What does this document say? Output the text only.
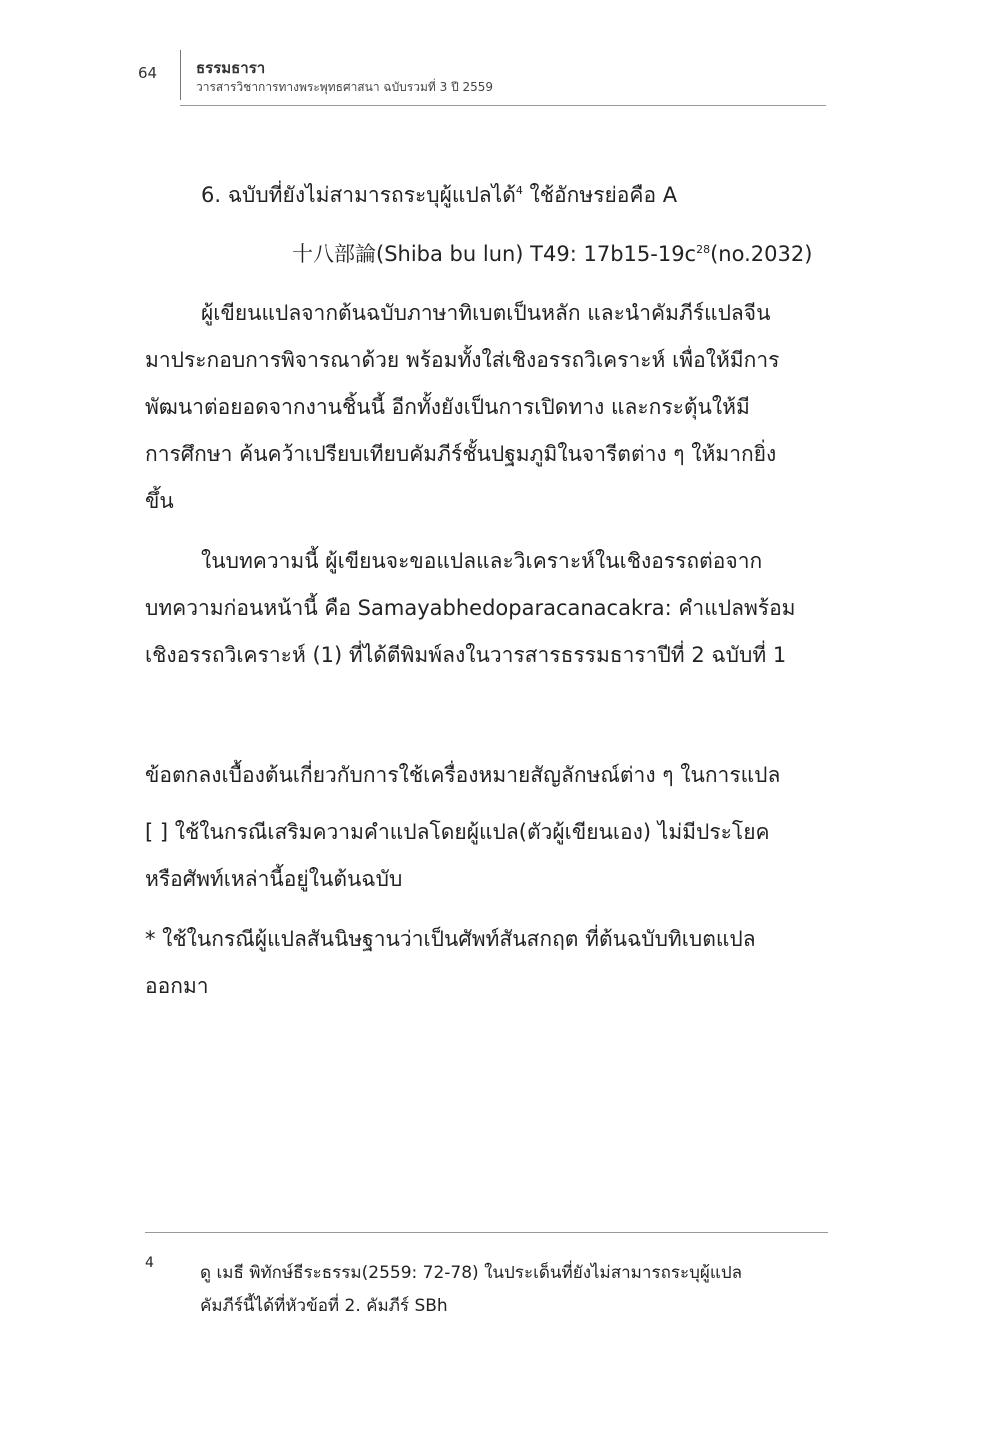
64	ธรรมธารา
วารสารวิชาการทางพระพุทธศาสนา ฉบับรวมที่ 3 ปี 2559
6. ฉบับที่ยังไม่สามารถระบุผู้แปลได้$^4$ ใช้อักษรย่อคือ A
十八部論(Shiba bu lun) T49: $17b15-19c^{28}(no.2032)$
ผู้เขียนแปลจากต้นฉบับภาษาทิเบตเป็นหลัก และนำคัมภีร์แปลจีน
มาประกอบการพิจารณาด้วย พร้อมทั้งใส่เชิงอรรถวิเคราะห์ เพื่อให้มีการ
พัฒนาต่อยอดจากงานชิ้นนี้ อีกทั้งยังเป็นการเปิดทาง และกระตุ้นให้มี
การศึกษา ค้นคว้าเปรียบเทียบคัมภีร์ชั้นปฐมภูมิในจารีตต่าง ๆ ให้มากยิ่ง
ขึ้น
ในบทความนี้ ผู้เขียนจะขอแปลและวิเคราะห์ในเชิงอรรถต่อจาก
บทความก่อนหน้านี้ คือ Samayabhedoparacanacakra: คำแปลพร้อม
เชิงอรรถวิเคราะห์ (1) ที่ได้ตีพิมพ์ลงในวารสารธรรมธาราปีที่ 2 ฉบับที่ 1
ข้อตกลงเบื้องต้นเกี่ยวกับการใช้เครื่องหมายสัญลักษณ์ต่าง ๆ ในการแปล
[ ] ใช้ในกรณีเสริมความคำแปลโดยผู้แปล(ตัวผู้เขียนเอง) ไม่มีประโยค
หรือศัพท์เหล่านี้อยู่ในต้นฉบับ
* ใช้ในกรณีผู้แปลสันนิษฐานว่าเป็นศัพท์สันสกฤต ที่ต้นฉบับทิเบตแปล
ออกมา
4	ดู เมธี พิทักษ์ธีระธรรม(2559: 72-78) ในประเด็นที่ยังไม่สามารถระบุผู้แปล
คัมภีร์นี้ได้ที่หัวข้อที่ 2. คัมภีร์ SBh
